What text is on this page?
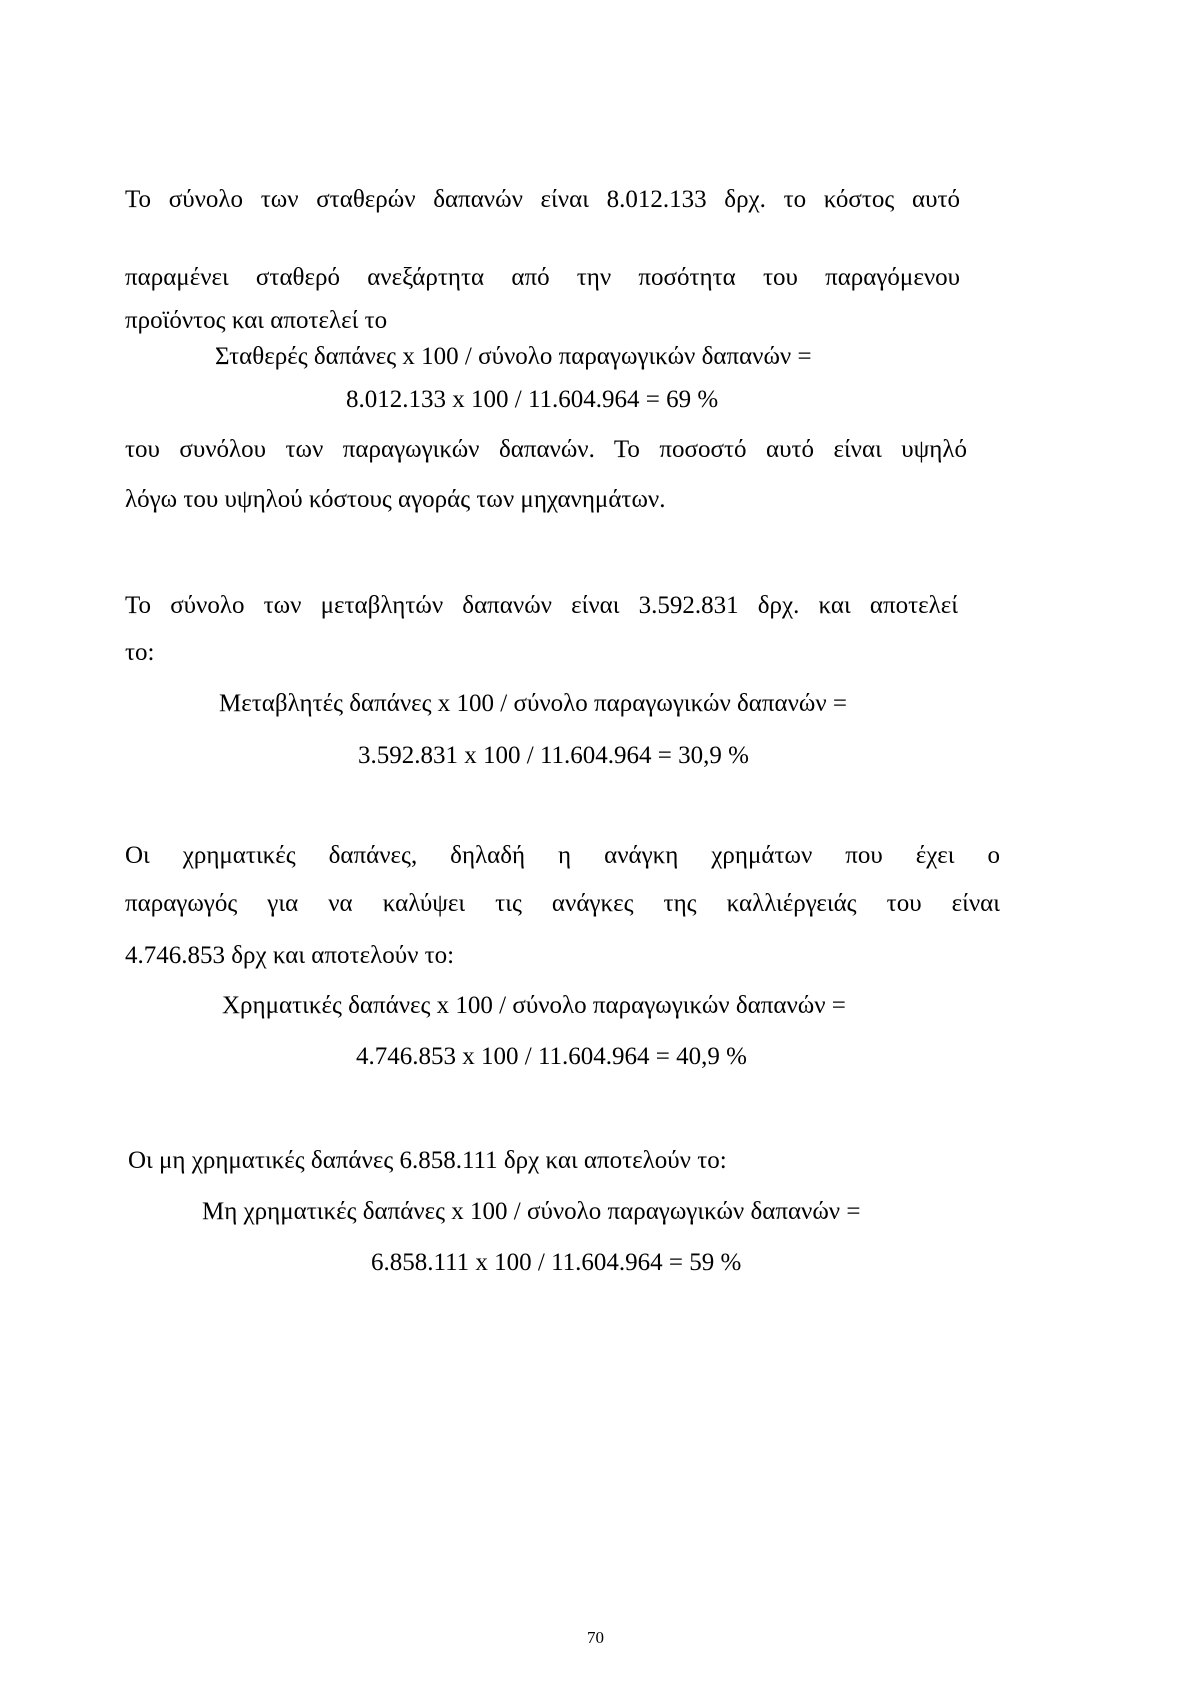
Το σύνολο των σταθερών δαπανών είναι 8.012.133 δρχ. το κόστος αυτό
παραμένει σταθερό ανεξάρτητα από την ποσότητα του παραγόμενου
προϊόντος και αποτελεί το
Σταθερές δαπάνες x 100 / σύνολο παραγωγικών δαπανών =
8.012.133 x 100 / 11.604.964 = 69 %
του συνόλου των παραγωγικών δαπανών. Το ποσοστό αυτό είναι υψηλό
λόγω του υψηλού κόστους αγοράς των μηχανημάτων.
Το σύνολο των μεταβλητών δαπανών είναι 3.592.831 δρχ. και αποτελεί
το:
Μεταβλητές δαπάνες x 100 / σύνολο παραγωγικών δαπανών =
3.592.831 x 100 / 11.604.964 = 30,9 %
Οι χρηματικές δαπάνες, δηλαδή η ανάγκη χρημάτων που έχει ο
παραγωγός για να καλύψει τις ανάγκες της καλλιέργειάς του είναι
4.746.853 δρχ και αποτελούν το:
Χρηματικές δαπάνες x 100 / σύνολο παραγωγικών δαπανών =
4.746.853 x 100 / 11.604.964 = 40,9 %
Οι μη χρηματικές δαπάνες 6.858.111 δρχ και αποτελούν το:
Μη χρηματικές δαπάνες x 100 / σύνολο παραγωγικών δαπανών =
6.858.111 x 100 / 11.604.964 = 59 %
70
